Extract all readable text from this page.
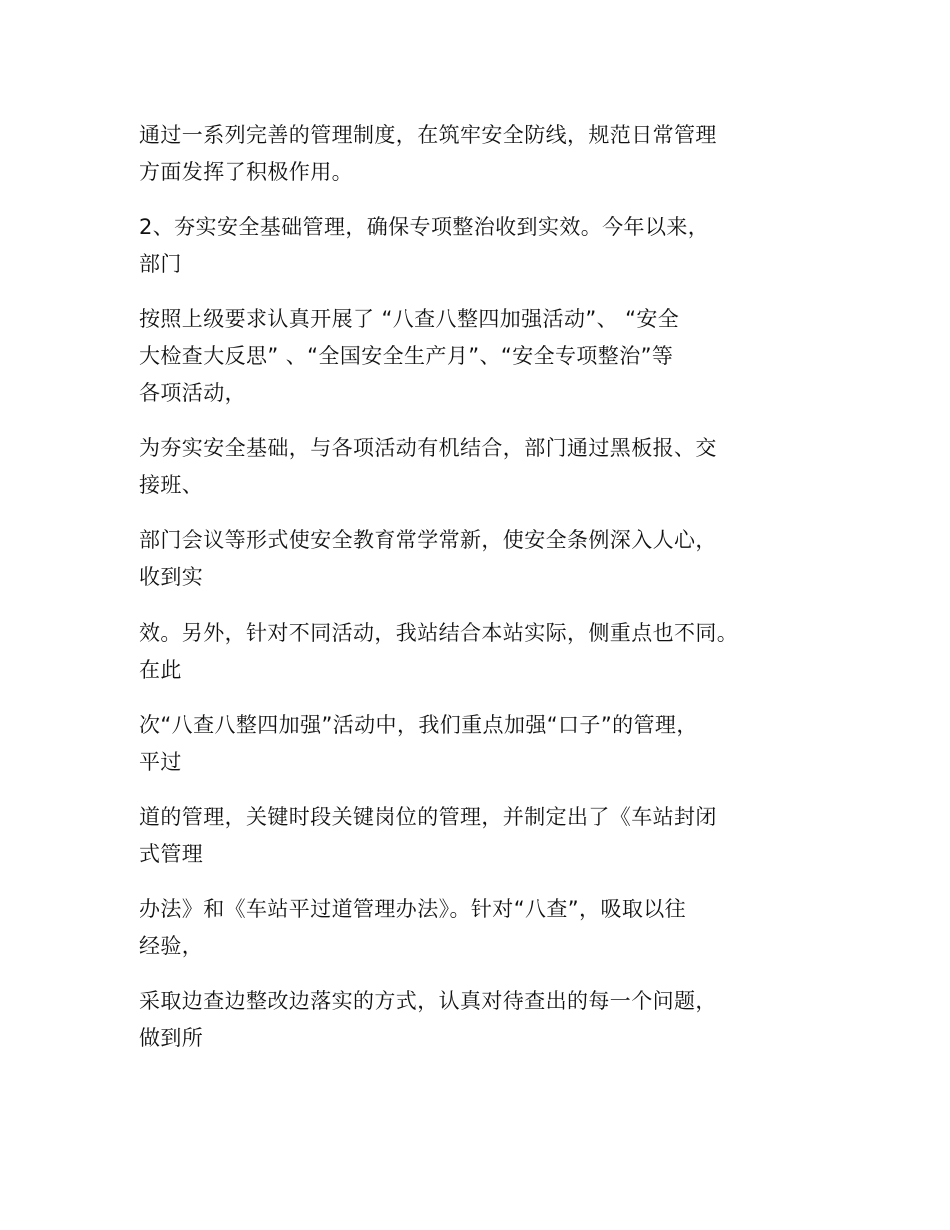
通过一系列完善的管理制度，在筑牢安全防线，规范日常管理
方面发挥了积极作用。

2、夯实安全基础管理，确保专项整治收到实效。今年以来，
部门

按照上级要求认真开展了 “八查八整四加强活动”、 “安全
大检查大反思” 、“全国安全生产月”、“安全专项整治”等
各项活动，

为夯实安全基础，与各项活动有机结合，部门通过黑板报、交
接班、

部门会议等形式使安全教育常学常新，使安全条例深入人心，
收到实

效。另外，针对不同活动，我站结合本站实际，侧重点也不同。
在此

次“八查八整四加强”活动中，我们重点加强“口子”的管理，
平过

道的管理，关键时段关键岗位的管理，并制定出了《车站封闭
式管理

办法》和《车站平过道管理办法》。针对“八查”，吸取以往
经验，

采取边查边整改边落实的方式，认真对待查出的每一个问题，
做到所
